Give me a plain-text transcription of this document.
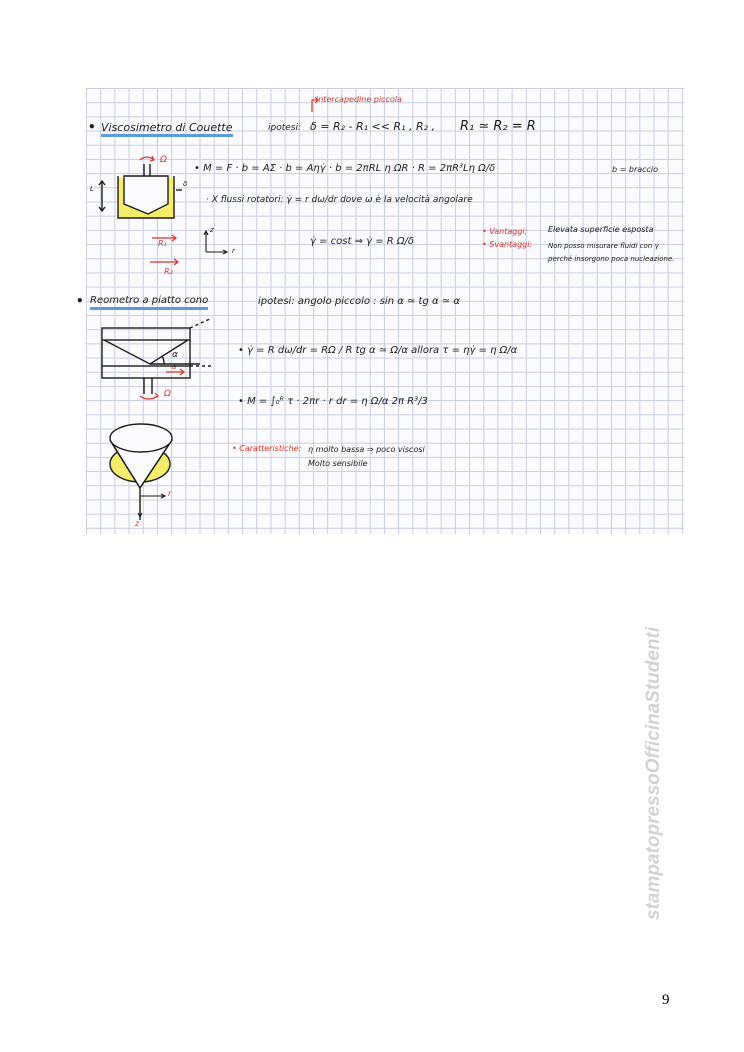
intercapedine piccola
• Viscosimetro di Couette	ipotesi: δ = R₂ - R₁ << R₁ , R₂ , R₁ ≃ R₂ = R
• M = F · b = AΣ · b = Aηγ̇ · b = 2πRL η ΩR · R = 2πR³Lη Ω/δ	b = braccio
· X flussi rotatori: γ̇ = r dω/dr dove ω è la velocità angolare
γ̇ = cost ⇒ γ̇ = R Ω/δ
• Vantaggi:	Elevata superficie esposta
• Svantaggi: Non posso misurare fluidi con γ̇ perché insorgono poca nucleazione.
Ω
L
δ
R₁
R₂
z
r
• Reometro a piatto cono	ipotesi: angolo piccolo : sin α ≃ tg α ≃ α
• γ̇ = R dω/dr = RΩ / R tg α ≃ Ω/α allora τ = ηγ̇ = η Ω/α
• M = ∫₀ᴿ τ · 2πr · r dr = η Ω/α 2π R³/3
• Caratteristiche: η molto bassa ⇒ poco viscosi
Molto sensibile
α
a
Ω
r
z
stampatopressoOfficinaStudenti
9
